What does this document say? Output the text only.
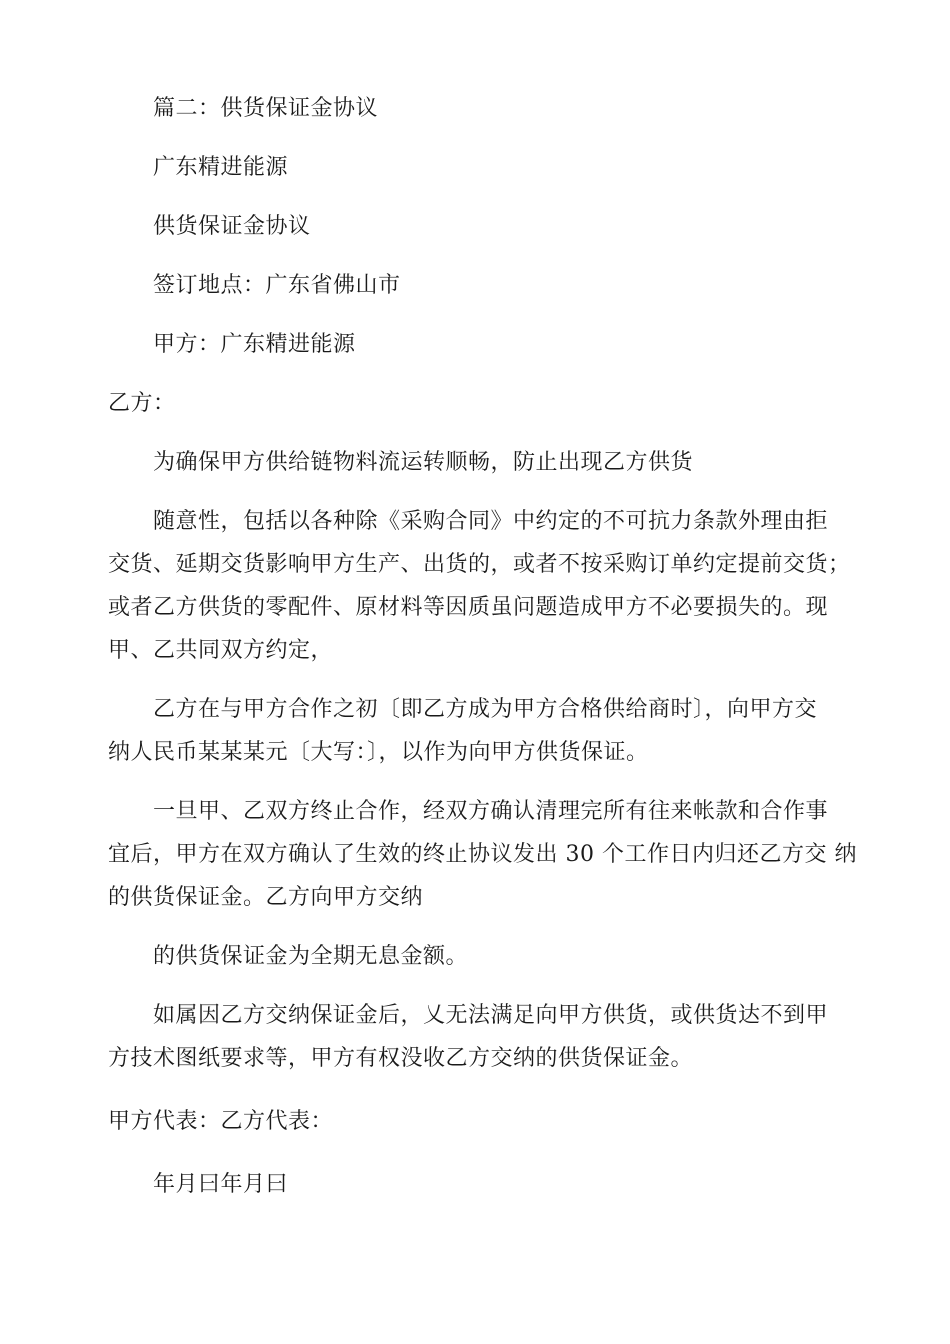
篇二：供货保证金协议
广东精进能源
供货保证金协议
签订地点：广东省佛山市
甲方：广东精进能源
乙方：
为确保甲方供给链物料流运转顺畅，防止出现乙方供货
随意性，包括以各种除《采购合同》中约定的不可抗力条款外理由拒
交货、延期交货影响甲方生产、出货的，或者不按采购订单约定提前交货；
或者乙方供货的零配件、原材料等因质虽问题造成甲方不必要损失的。现
甲、乙共同双方约定，
乙方在与甲方合作之初〔即乙方成为甲方合格供给商时〕，向甲方交
纳人民币某某某元〔大写：〕，以作为向甲方供货保证。
一旦甲、乙双方终止合作，经双方确认清理完所有往来帐款和合作事
宜后，甲方在双方确认了生效的终止协议发出 30 个工作日内归还乙方交 纳
的供货保证金。乙方向甲方交纳
的供货保证金为全期无息金额。
如属因乙方交纳保证金后，乂无法满足向甲方供货，或供货达不到甲
方技术图纸要求等，甲方有权没收乙方交纳的供货保证金。
甲方代表：乙方代表：
年月曰年月曰
